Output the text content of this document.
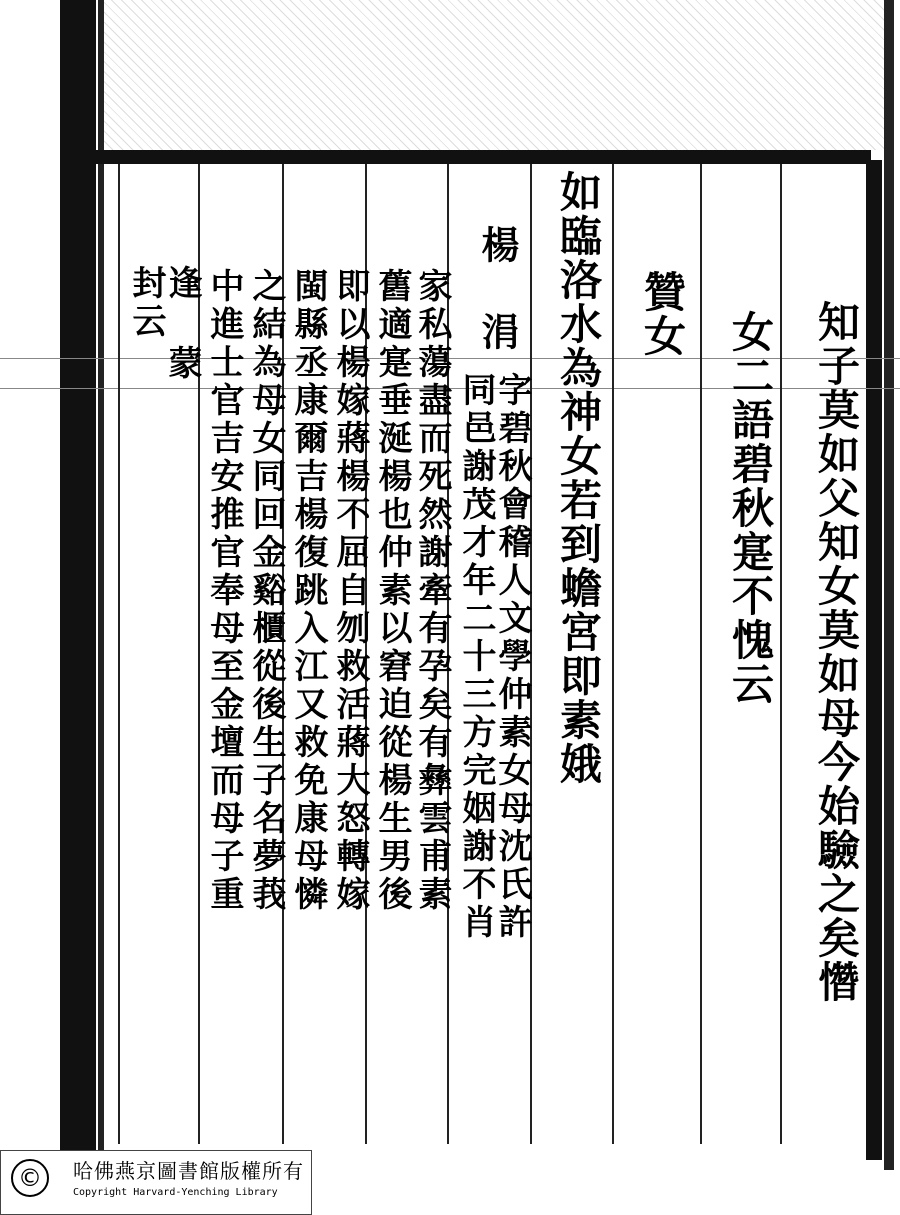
知子莫如父知女莫如母今始驗之矣㦧
女二語碧秋寔不愧云
贊女
如臨洛水為神女若到蟾宮即素娥
楊
涓
字碧秋會稽人文學仲素女母沈氏許
同邑謝茂才年二十三方完姻謝不肖
家私蕩盡而死然謝牽有孕矣有彝雲甫素
舊適寔垂涎楊也仲素以窘迫從楊生男後
即以楊嫁蔣楊不屈自刎救活蔣大怒轉嫁
閩縣丞康爾吉楊復跳入江又救免康母憐
之結為母女同回金谿櫃從後生子名夢莪
中進士官吉安推官奉母至金壇而母子重
逢
蒙
封云
©	哈佛燕京圖書館版權所有
Copyright Harvard-Yenching Library
